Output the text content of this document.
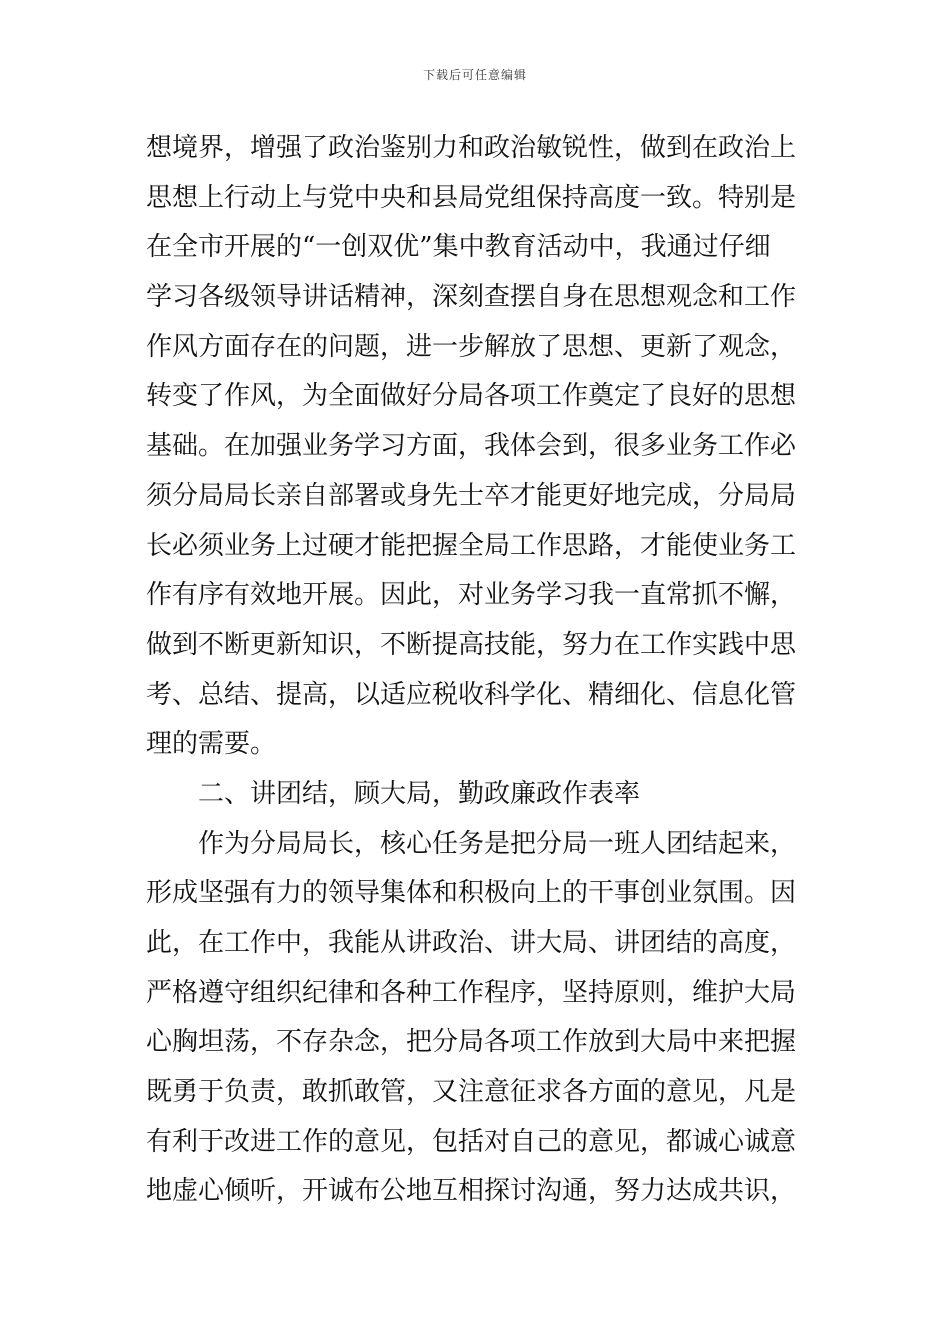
下载后可任意编辑
想境界，增强了政治鉴别力和政治敏锐性，做到在政治上
思想上行动上与党中央和县局党组保持高度一致。特别是
在全市开展的“一创双优”集中教育活动中，我通过仔细
学习各级领导讲话精神，深刻查摆自身在思想观念和工作
作风方面存在的问题，进一步解放了思想、更新了观念，
转变了作风，为全面做好分局各项工作奠定了良好的思想
基础。在加强业务学习方面，我体会到，很多业务工作必
须分局局长亲自部署或身先士卒才能更好地完成，分局局
长必须业务上过硬才能把握全局工作思路，才能使业务工
作有序有效地开展。因此，对业务学习我一直常抓不懈，
做到不断更新知识，不断提高技能，努力在工作实践中思
考、总结、提高，以适应税收科学化、精细化、信息化管
理的需要。
二、讲团结，顾大局，勤政廉政作表率
作为分局局长，核心任务是把分局一班人团结起来，
形成坚强有力的领导集体和积极向上的干事创业氛围。因
此，在工作中，我能从讲政治、讲大局、讲团结的高度，
严格遵守组织纪律和各种工作程序，坚持原则，维护大局
心胸坦荡，不存杂念，把分局各项工作放到大局中来把握
既勇于负责，敢抓敢管，又注意征求各方面的意见，凡是
有利于改进工作的意见，包括对自己的意见，都诚心诚意
地虚心倾听，开诚布公地互相探讨沟通，努力达成共识，
